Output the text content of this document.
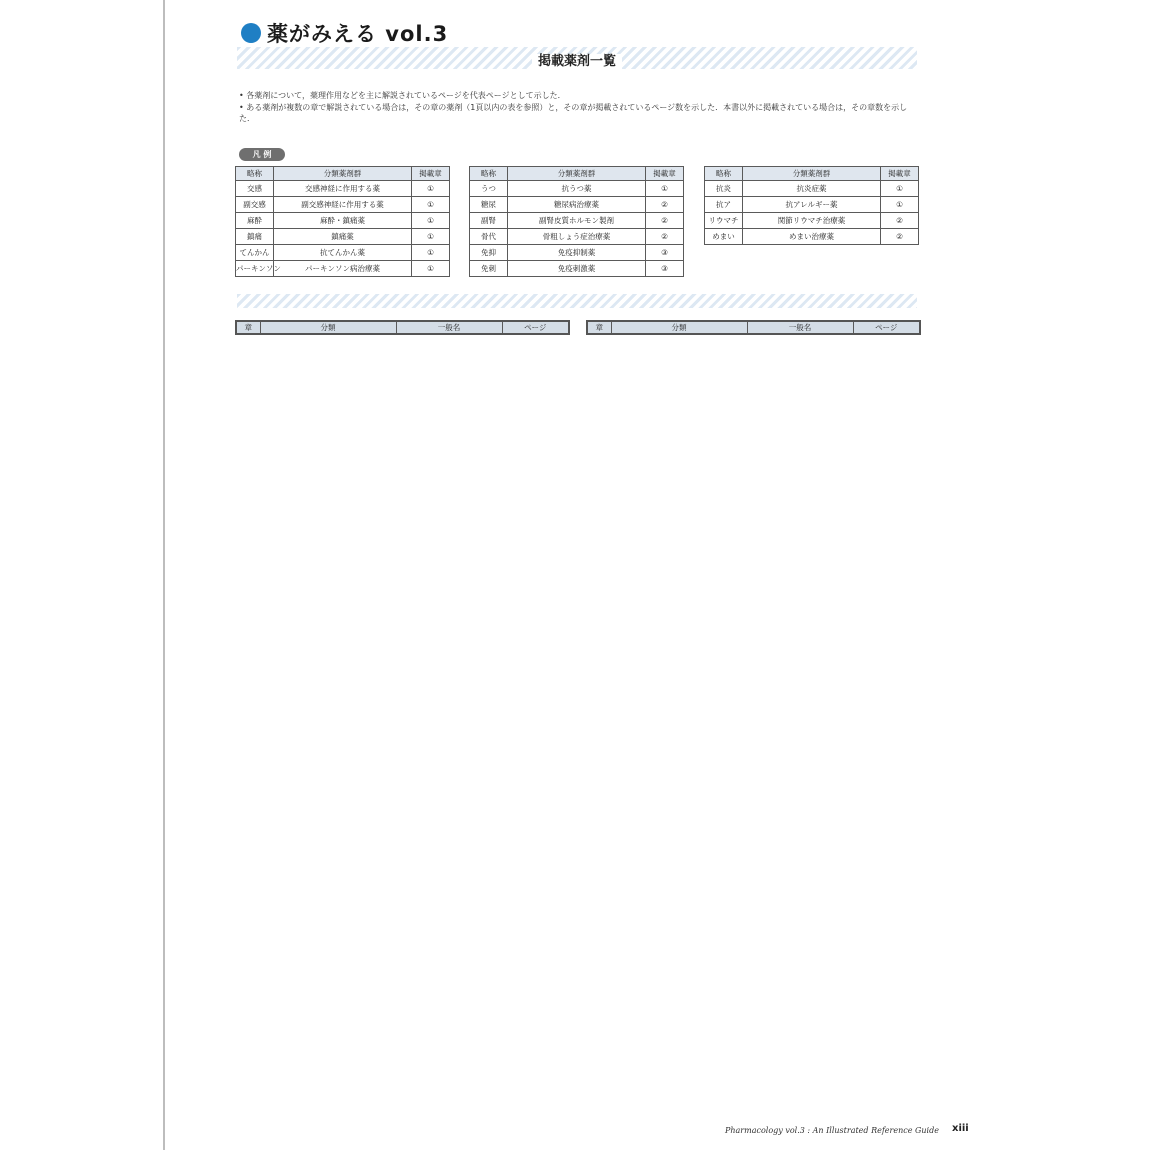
薬がみえる vol.3
掲載薬剤一覧
• 各薬剤について，薬理作用などを主に解説されているページを代表ページとして示した．
• ある薬剤が複数の章で解説されている場合は，その章の薬剤（1頁以内の表を参照）と，その章が掲載されているページ数を示した．本書以外に掲載されている場合は，その章数を示した．
凡 例
略称	分類薬剤群	掲載章
交感	交感神経に作用する薬	①
副交感	副交感神経に作用する薬	①
麻酔	麻酔・鎮痛薬	①
鎮痛	鎮痛薬	①
てんかん	抗てんかん薬	①
パーキンソン	パーキンソン病治療薬	①
略称	分類薬剤群	掲載章
うつ	抗うつ薬	①
糖尿	糖尿病治療薬	②
副腎	副腎皮質ホルモン製剤	②
骨代	骨粗しょう症治療薬	②
免抑	免疫抑制薬	③
免刺	免疫刺激薬	③
略称	分類薬剤群	掲載章
抗炎	抗炎症薬	①
抗ア	抗アレルギー薬	①
リウマチ	関節リウマチ治療薬	②
めまい	めまい治療薬	②
章	分類	一般名	ページ	章	分類	一般名	ページ
Pharmacology vol.3 : An Illustrated Reference Guide xiii
